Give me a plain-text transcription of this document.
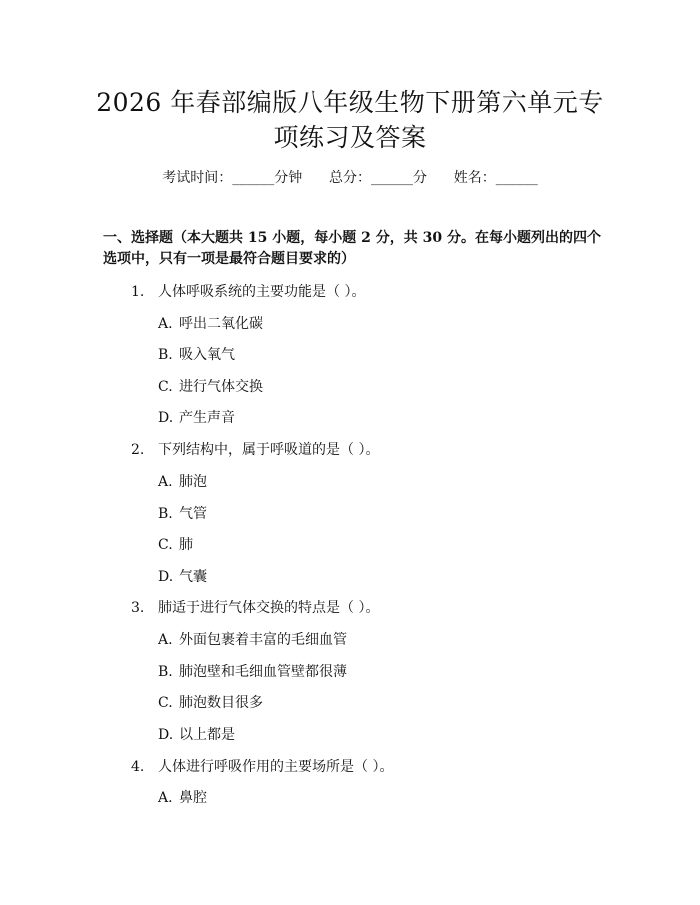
2026 年春部编版八年级生物下册第六单元专
项练习及答案
考试时间：______分钟      总分：______分      姓名：______
一、选择题（本大题共 15 小题，每小题 2 分，共 30 分。在每小题列出的四个选项中，只有一项是最符合题目要求的）
1. 人体呼吸系统的主要功能是（ ）。
A. 呼出二氧化碳
B. 吸入氧气
C. 进行气体交换
D. 产生声音
2. 下列结构中，属于呼吸道的是（ ）。
A. 肺泡
B. 气管
C. 肺
D. 气囊
3. 肺适于进行气体交换的特点是（ ）。
A. 外面包裹着丰富的毛细血管
B. 肺泡壁和毛细血管壁都很薄
C. 肺泡数目很多
D. 以上都是
4. 人体进行呼吸作用的主要场所是（ ）。
A. 鼻腔
